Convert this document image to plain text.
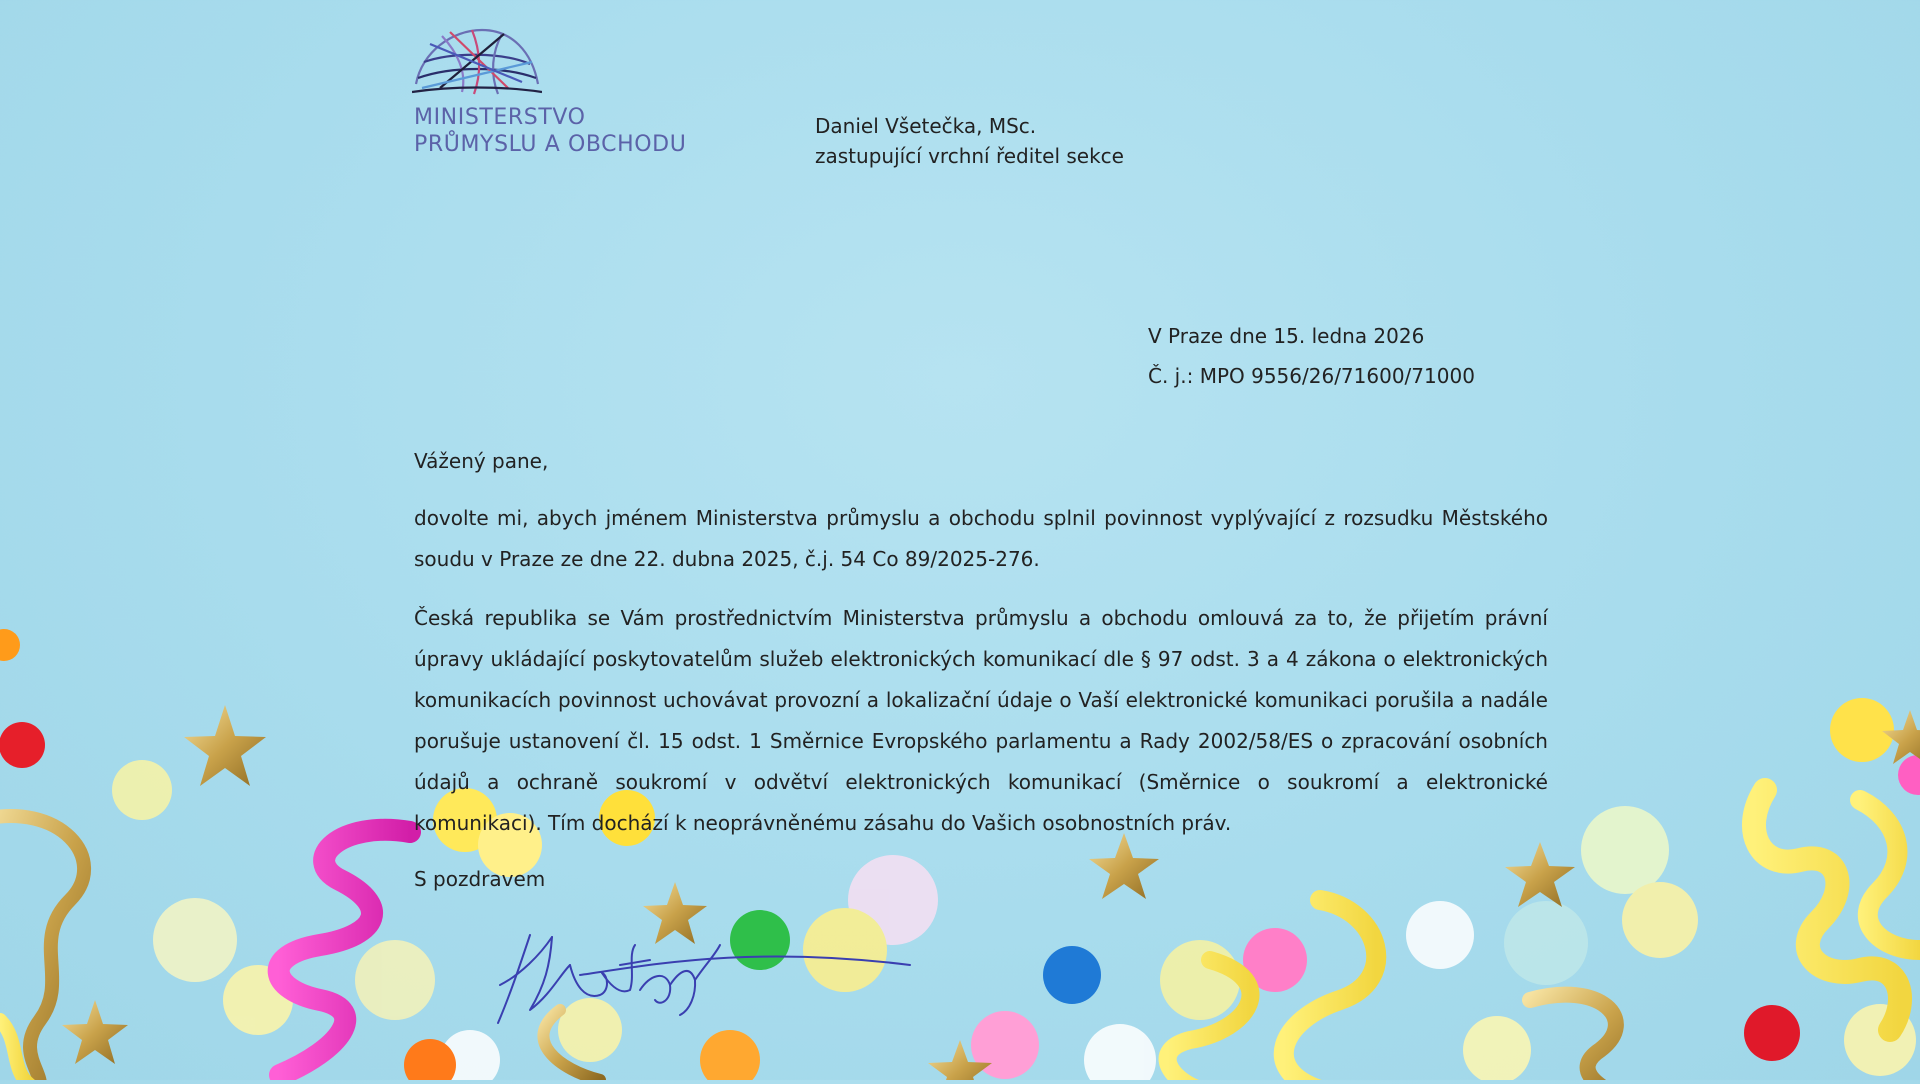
MINISTERSTVO
PRŮMYSLU A OBCHODU
Daniel Všetečka, MSc.
zastupující vrchní ředitel sekce
V Praze dne 15. ledna 2026
Č. j.: MPO 9556/26/71600/71000
Vážený pane,
dovolte mi, abych jménem Ministerstva průmyslu a obchodu splnil povinnost vyplývající z rozsudku Městského soudu v Praze ze dne 22. dubna 2025, č.j. 54 Co 89/2025-276.
Česká republika se Vám prostřednictvím Ministerstva průmyslu a obchodu omlouvá za to, že přijetím právní úpravy ukládající poskytovatelům služeb elektronických komunikací dle § 97 odst. 3 a 4 zákona o elektronických komunikacích povinnost uchovávat provozní a lokalizační údaje o Vaší elektronické komunikaci porušila a nadále porušuje ustanovení čl. 15 odst. 1 Směrnice Evropského parlamentu a Rady 2002/58/ES o zpracování osobních údajů a ochraně soukromí v odvětví elektronických komunikací (Směrnice o soukromí a elektronické komunikaci). Tím dochází k neoprávněnému zásahu do Vašich osobnostních práv.
S pozdravem
